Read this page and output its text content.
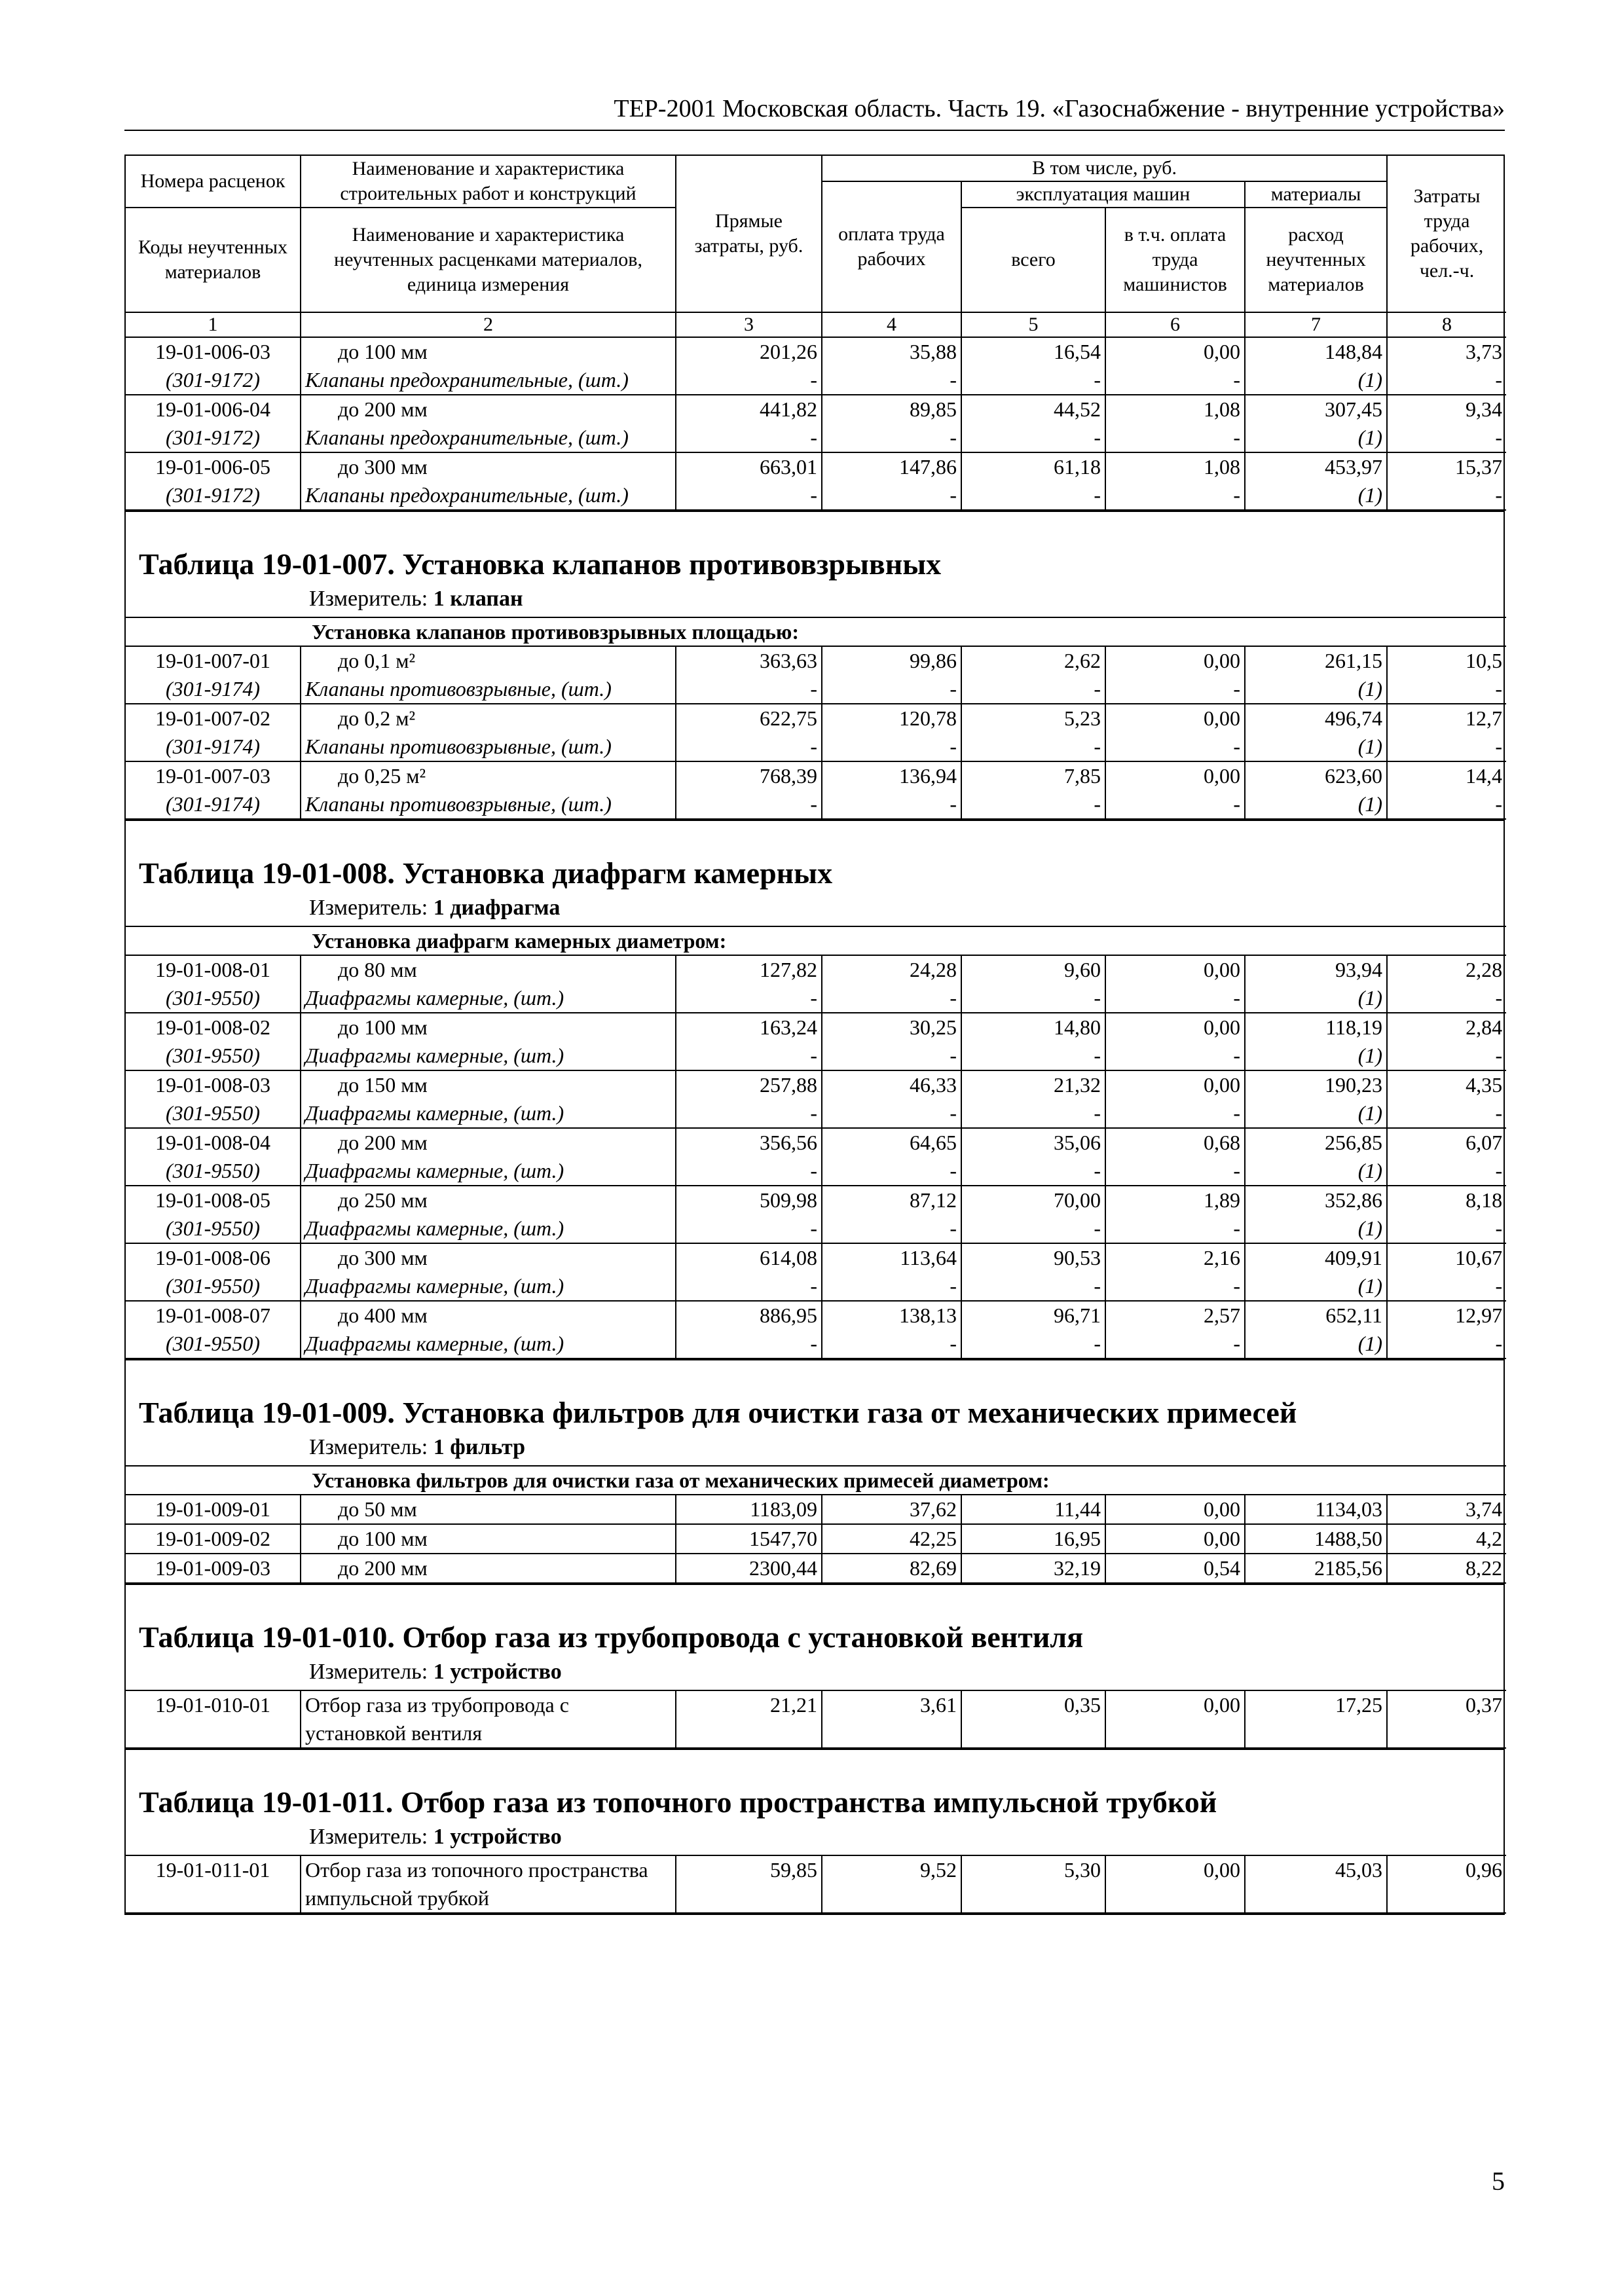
ТЕР-2001 Московская область. Часть 19. «Газоснабжение - внутренние устройства»
Номера расценок	Наименование и характеристика строительных работ и конструкций	Прямые затраты, руб.	В том числе, руб.				Затраты труда рабочих, чел.-ч.
			оплата труда рабочих	эксплуатация машин		материалы	
Коды неучтенных материалов	Наименование и характеристика неучтенных расценками материалов, единица измерения			всего	в т.ч. оплата труда машинистов	расход неучтенных материалов	

1	2	3	4	5	6	7	8
19-01-006-03	до 100 мм	201,26	35,88	16,54	0,00	148,84	3,73
(301-9172)	Клапаны предохранительные, (шт.)	-	-	-	-	(1)	-
19-01-006-04	до 200 мм	441,82	89,85	44,52	1,08	307,45	9,34
(301-9172)	Клапаны предохранительные, (шт.)	-	-	-	-	(1)	-
19-01-006-05	до 300 мм	663,01	147,86	61,18	1,08	453,97	15,37
(301-9172)	Клапаны предохранительные, (шт.)	-	-	-	-	(1)	-
Таблица 19-01-007. Установка клапанов противовзрывных
Измеритель: 1 клапан
Установка клапанов противовзрывных площадью:							
19-01-007-01	до 0,1 м²	363,63	99,86	2,62	0,00	261,15	10,5
(301-9174)	Клапаны противовзрывные, (шт.)	-	-	-	-	(1)	-
19-01-007-02	до 0,2 м²	622,75	120,78	5,23	0,00	496,74	12,7
(301-9174)	Клапаны противовзрывные, (шт.)	-	-	-	-	(1)	-
19-01-007-03	до 0,25 м²	768,39	136,94	7,85	0,00	623,60	14,4
(301-9174)	Клапаны противовзрывные, (шт.)	-	-	-	-	(1)	-
Таблица 19-01-008. Установка диафрагм камерных
Измеритель: 1 диафрагма
Установка диафрагм камерных диаметром:							
19-01-008-01	до 80 мм	127,82	24,28	9,60	0,00	93,94	2,28
(301-9550)	Диафрагмы камерные, (шт.)	-	-	-	-	(1)	-
19-01-008-02	до 100 мм	163,24	30,25	14,80	0,00	118,19	2,84
(301-9550)	Диафрагмы камерные, (шт.)	-	-	-	-	(1)	-
19-01-008-03	до 150 мм	257,88	46,33	21,32	0,00	190,23	4,35
(301-9550)	Диафрагмы камерные, (шт.)	-	-	-	-	(1)	-
19-01-008-04	до 200 мм	356,56	64,65	35,06	0,68	256,85	6,07
(301-9550)	Диафрагмы камерные, (шт.)	-	-	-	-	(1)	-
19-01-008-05	до 250 мм	509,98	87,12	70,00	1,89	352,86	8,18
(301-9550)	Диафрагмы камерные, (шт.)	-	-	-	-	(1)	-
19-01-008-06	до 300 мм	614,08	113,64	90,53	2,16	409,91	10,67
(301-9550)	Диафрагмы камерные, (шт.)	-	-	-	-	(1)	-
19-01-008-07	до 400 мм	886,95	138,13	96,71	2,57	652,11	12,97
(301-9550)	Диафрагмы камерные, (шт.)	-	-	-	-	(1)	-
Таблица 19-01-009. Установка фильтров для очистки газа от механических примесей
Измеритель: 1 фильтр
Установка фильтров для очистки газа от механических примесей диаметром:							
19-01-009-01	до 50 мм	1183,09	37,62	11,44	0,00	1134,03	3,74
19-01-009-02	до 100 мм	1547,70	42,25	16,95	0,00	1488,50	4,2
19-01-009-03	до 200 мм	2300,44	82,69	32,19	0,54	2185,56	8,22
Таблица 19-01-010. Отбор газа из трубопровода с установкой вентиля
Измеритель: 1 устройство
19-01-010-01	Отбор газа из трубопровода с установкой вентиля	21,21	3,61	0,35	0,00	17,25	0,37
Таблица 19-01-011. Отбор газа из топочного пространства импульсной трубкой
Измеритель: 1 устройство
19-01-011-01	Отбор газа из топочного пространства импульсной трубкой	59,85	9,52	5,30	0,00	45,03	0,96
5
